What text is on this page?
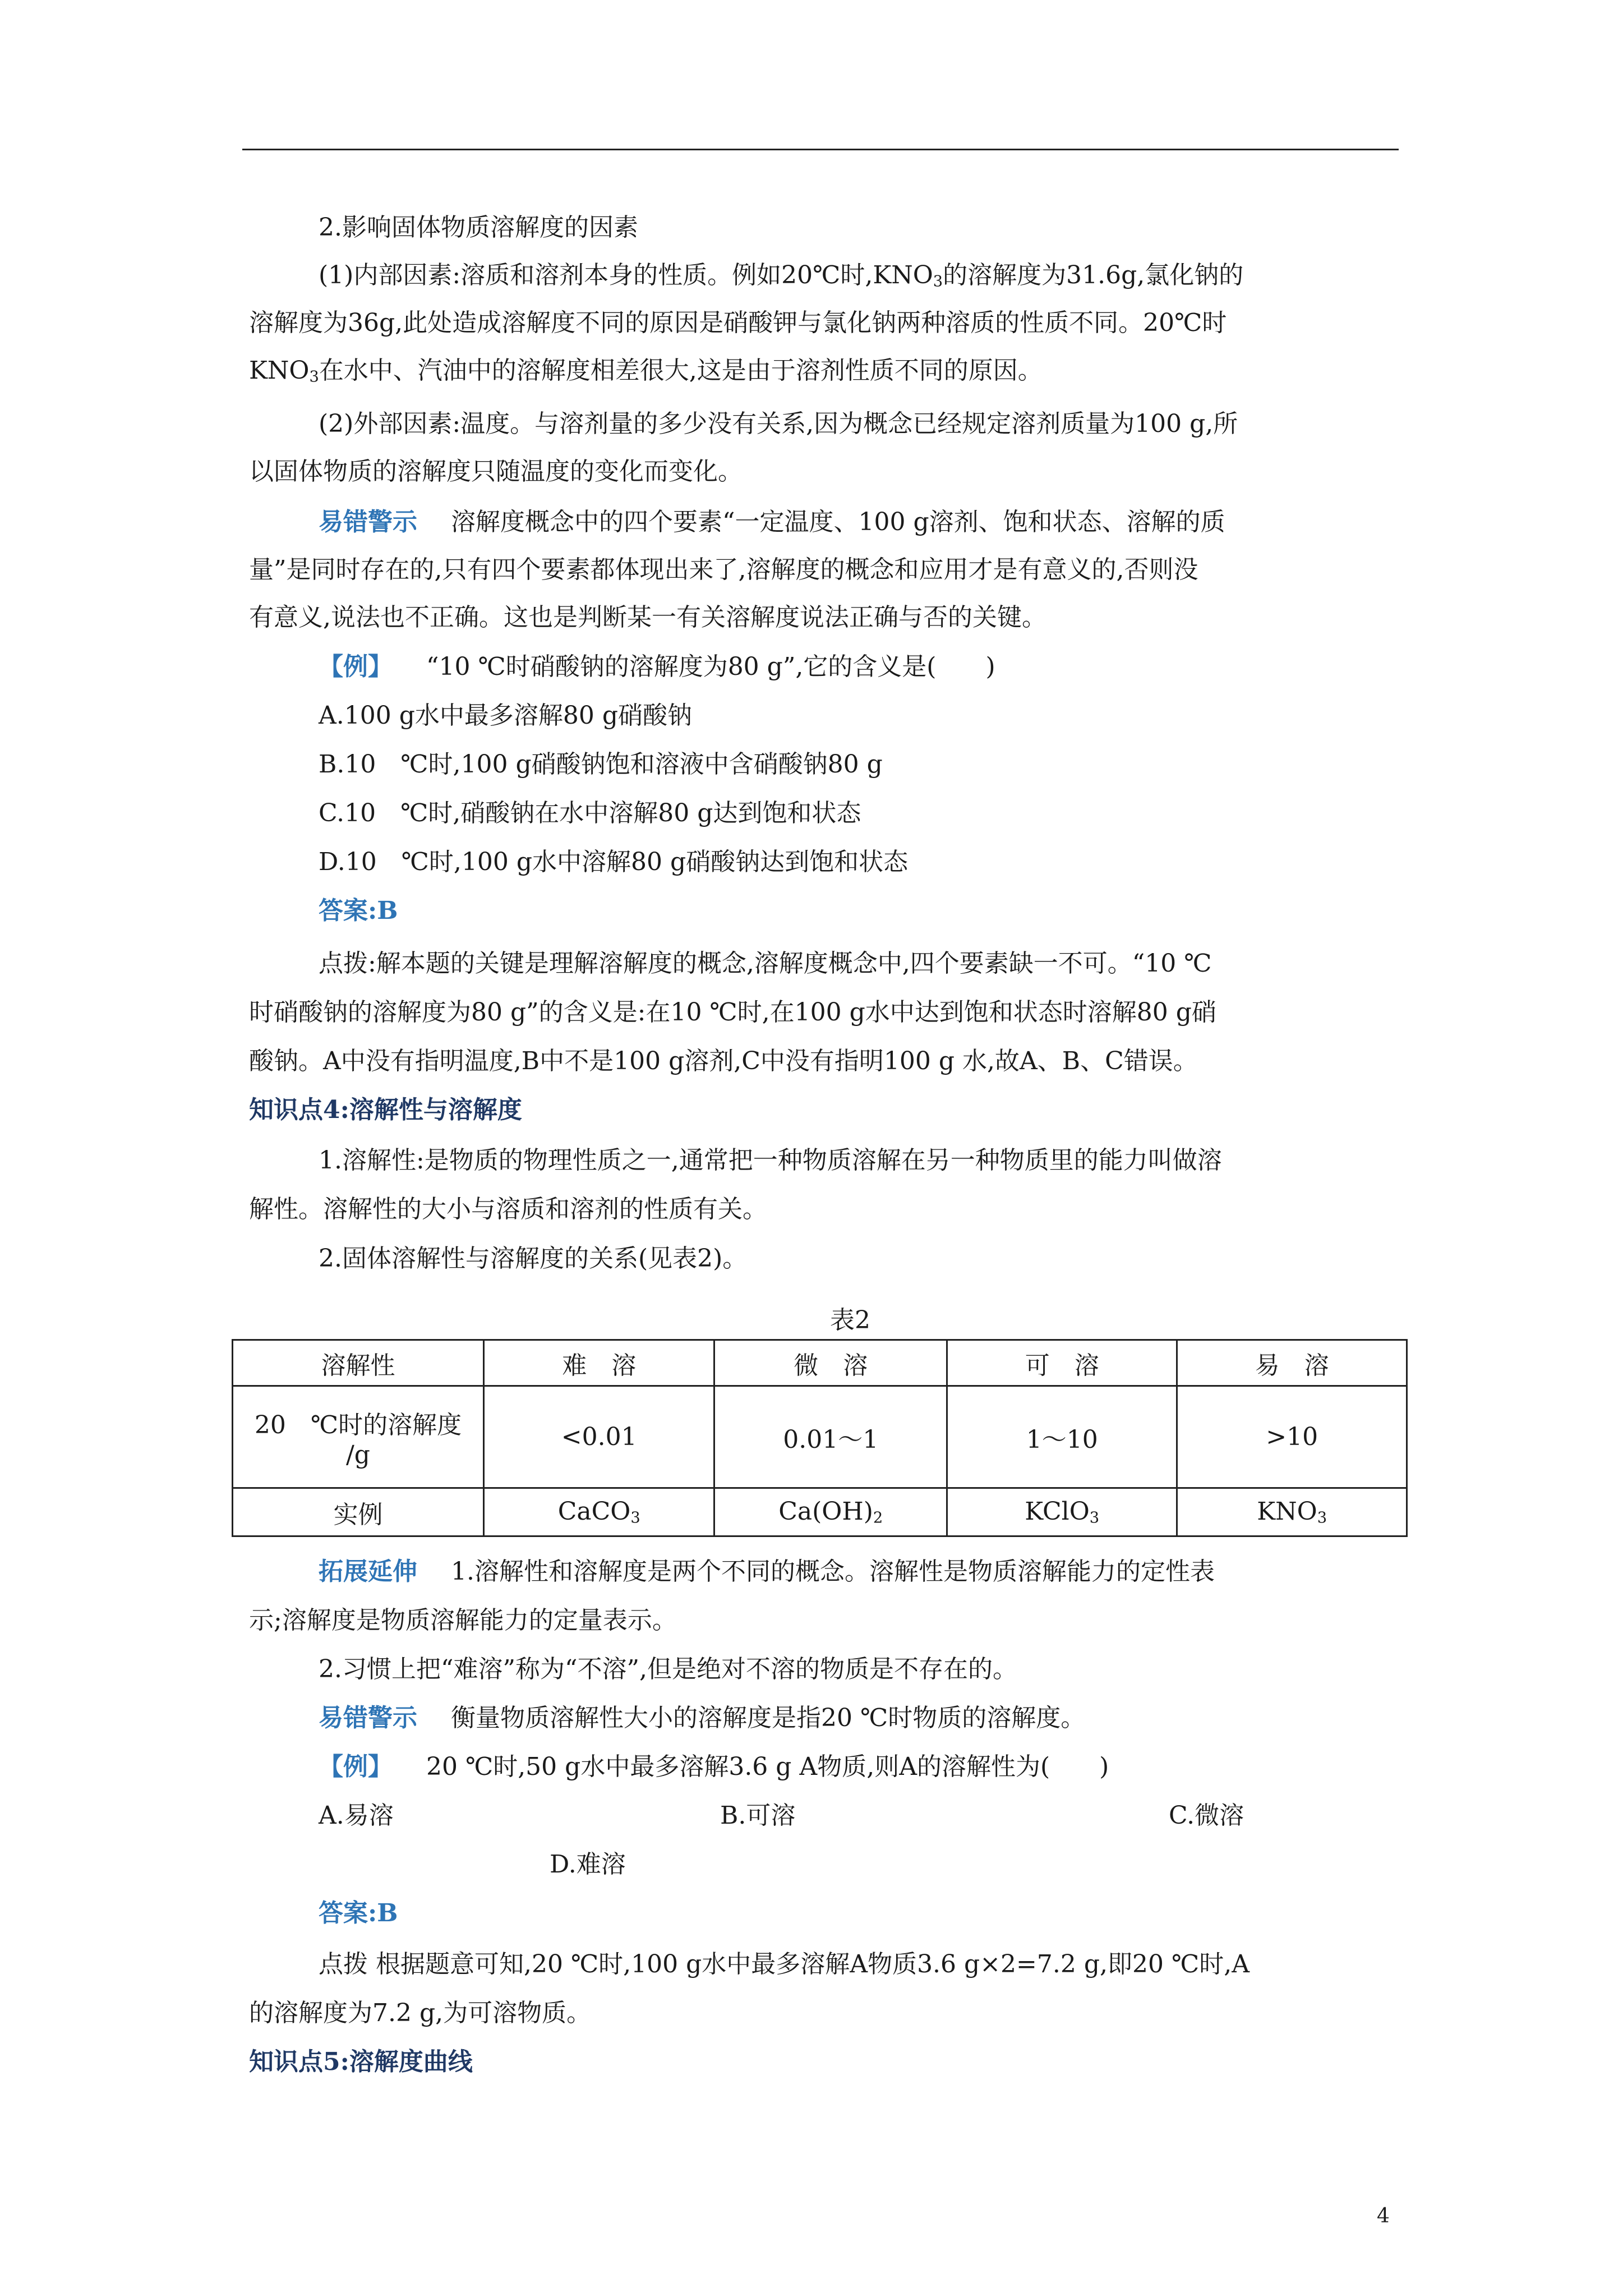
2.影响固体物质溶解度的因素
(1)内部因素:溶质和溶剂本身的性质。例如20℃时$,KNO_3$的溶解度为31.6g,氯化钠的
溶解度为36g,此处造成溶解度不同的原因是硝酸钾与氯化钠两种溶质的性质不同。20℃时
$KNO_3$在水中、汽油中的溶解度相差很大,这是由于溶剂性质不同的原因。
(2)外部因素:温度。与溶剂量的多少没有关系,因为概念已经规定溶剂质量为100 g,所
以固体物质的溶解度只随温度的变化而变化。
易错警示 溶解度概念中的四个要素“一定温度、100 g溶剂、饱和状态、溶解的质
量”是同时存在的,只有四个要素都体现出来了,溶解度的概念和应用才是有意义的,否则没
有意义,说法也不正确。这也是判断某一有关溶解度说法正确与否的关键。
【例】 “10 ℃时硝酸钠的溶解度为80 g”,它的含义是(　　)
A.100 g水中最多溶解80 g硝酸钠
B.10　℃时,100 g硝酸钠饱和溶液中含硝酸钠80 g
C.10　℃时,硝酸钠在水中溶解80 g达到饱和状态
D.10　℃时,100 g水中溶解80 g硝酸钠达到饱和状态
答案:B
点拨:解本题的关键是理解溶解度的概念,溶解度概念中,四个要素缺一不可。“10 ℃
时硝酸钠的溶解度为80 g”的含义是:在10 ℃时,在100 g水中达到饱和状态时溶解80 g硝
酸钠。A中没有指明温度,B中不是100 g溶剂,C中没有指明100 g 水,故A、B、C错误。
知识点4:溶解性与溶解度
1.溶解性:是物质的物理性质之一,通常把一种物质溶解在另一种物质里的能力叫做溶
解性。溶解性的大小与溶质和溶剂的性质有关。
2.固体溶解性与溶解度的关系(见表2)。
表2
溶解性	难　溶	微　溶	可　溶	易　溶

20　℃时的溶解度
/g	<0.01	0.01～1	1～10	>10
实例	CaCO$_3$	$Ca(OH)_2$	KClO$_3$	$KNO_3$
拓展延伸 1.溶解性和溶解度是两个不同的概念。溶解性是物质溶解能力的定性表
示;溶解度是物质溶解能力的定量表示。
2.习惯上把“难溶”称为“不溶”,但是绝对不溶的物质是不存在的。
易错警示 衡量物质溶解性大小的溶解度是指20 ℃时物质的溶解度。
【例】 20 ℃时,50 g水中最多溶解3.6 g A物质,则A的溶解性为(　　)
A.易溶	B.可溶	C.微溶
D.难溶
答案:B
点拨 根据题意可知,20 ℃时,100 g水中最多溶解A物质3.6 g×2=7.2 g,即20 ℃时,A
的溶解度为7.2 g,为可溶物质。
知识点5:溶解度曲线
4
